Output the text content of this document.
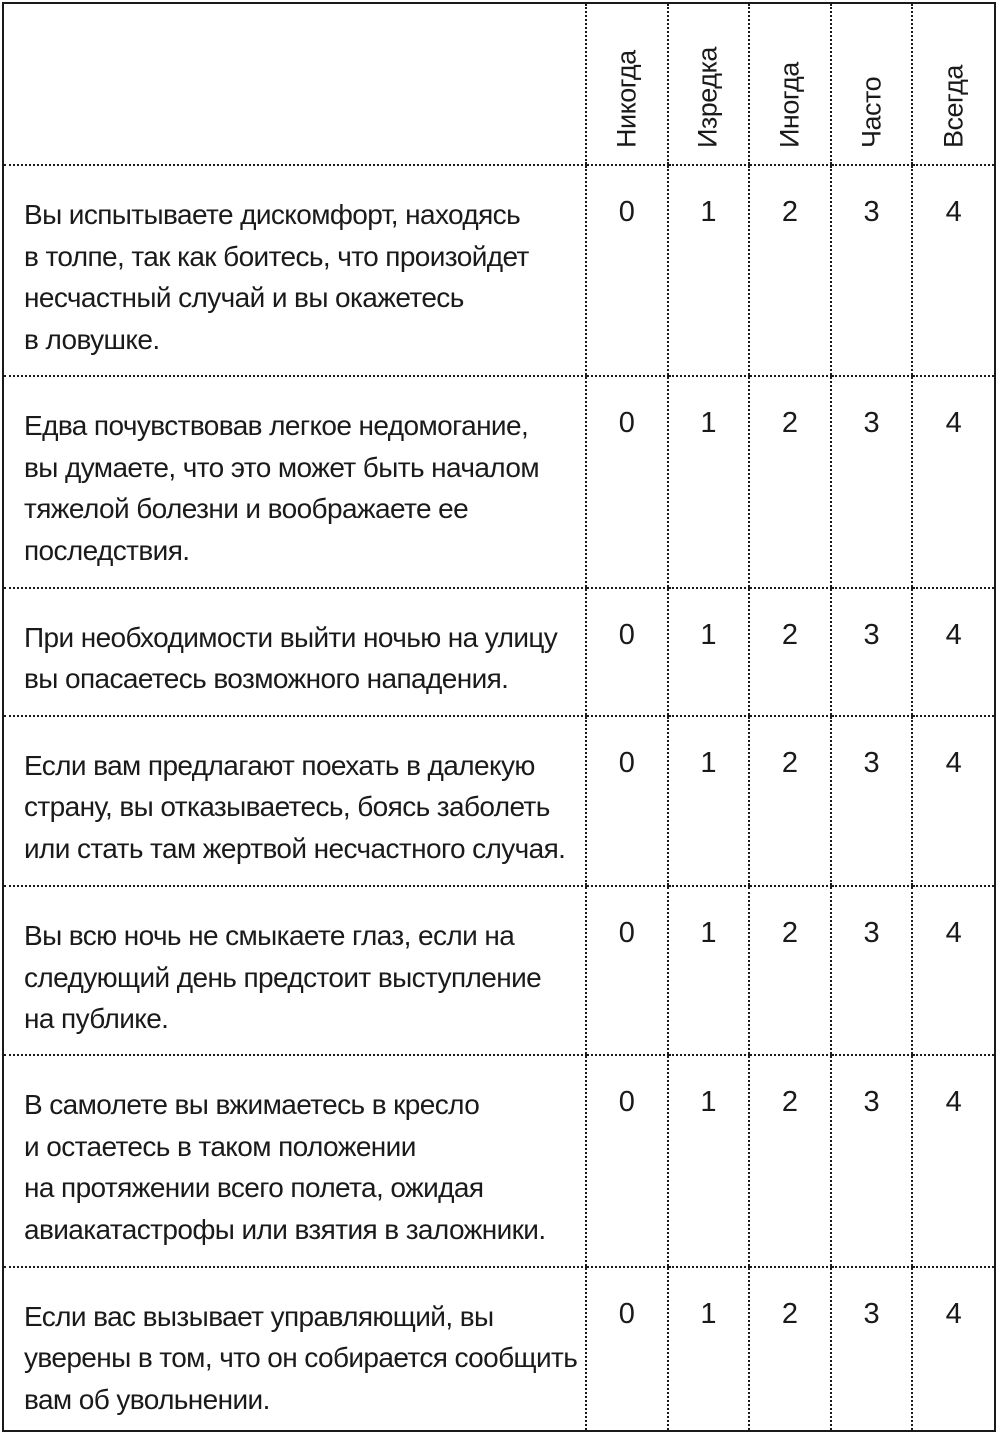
	Никогда	Изредка	Иногда	Часто	Всегда

Вы испытываете дискомфорт, находясь
в толпе, так как боитесь, что произойдет
несчастный случай и вы окажетесь
в ловушке.	0	1	2	3	4

Едва почувствовав легкое недомогание,
вы думаете, что это может быть началом
тяжелой болезни и воображаете ее
последствия.	0	1	2	3	4

При необходимости выйти ночью на улицу
вы опасаетесь возможного нападения.	0	1	2	3	4

Если вам предлагают поехать в далекую
страну, вы отказываетесь, боясь заболеть
или стать там жертвой несчастного случая.	0	1	2	3	4

Вы всю ночь не смыкаете глаз, если на
следующий день предстоит выступление
на публике.	0	1	2	3	4

В самолете вы вжимаетесь в кресло
и остаетесь в таком положении
на протяжении всего полета, ожидая
авиакатастрофы или взятия в заложники.	0	1	2	3	4

Если вас вызывает управляющий, вы
уверены в том, что он собирается сообщить
вам об увольнении.	0	1	2	3	4
